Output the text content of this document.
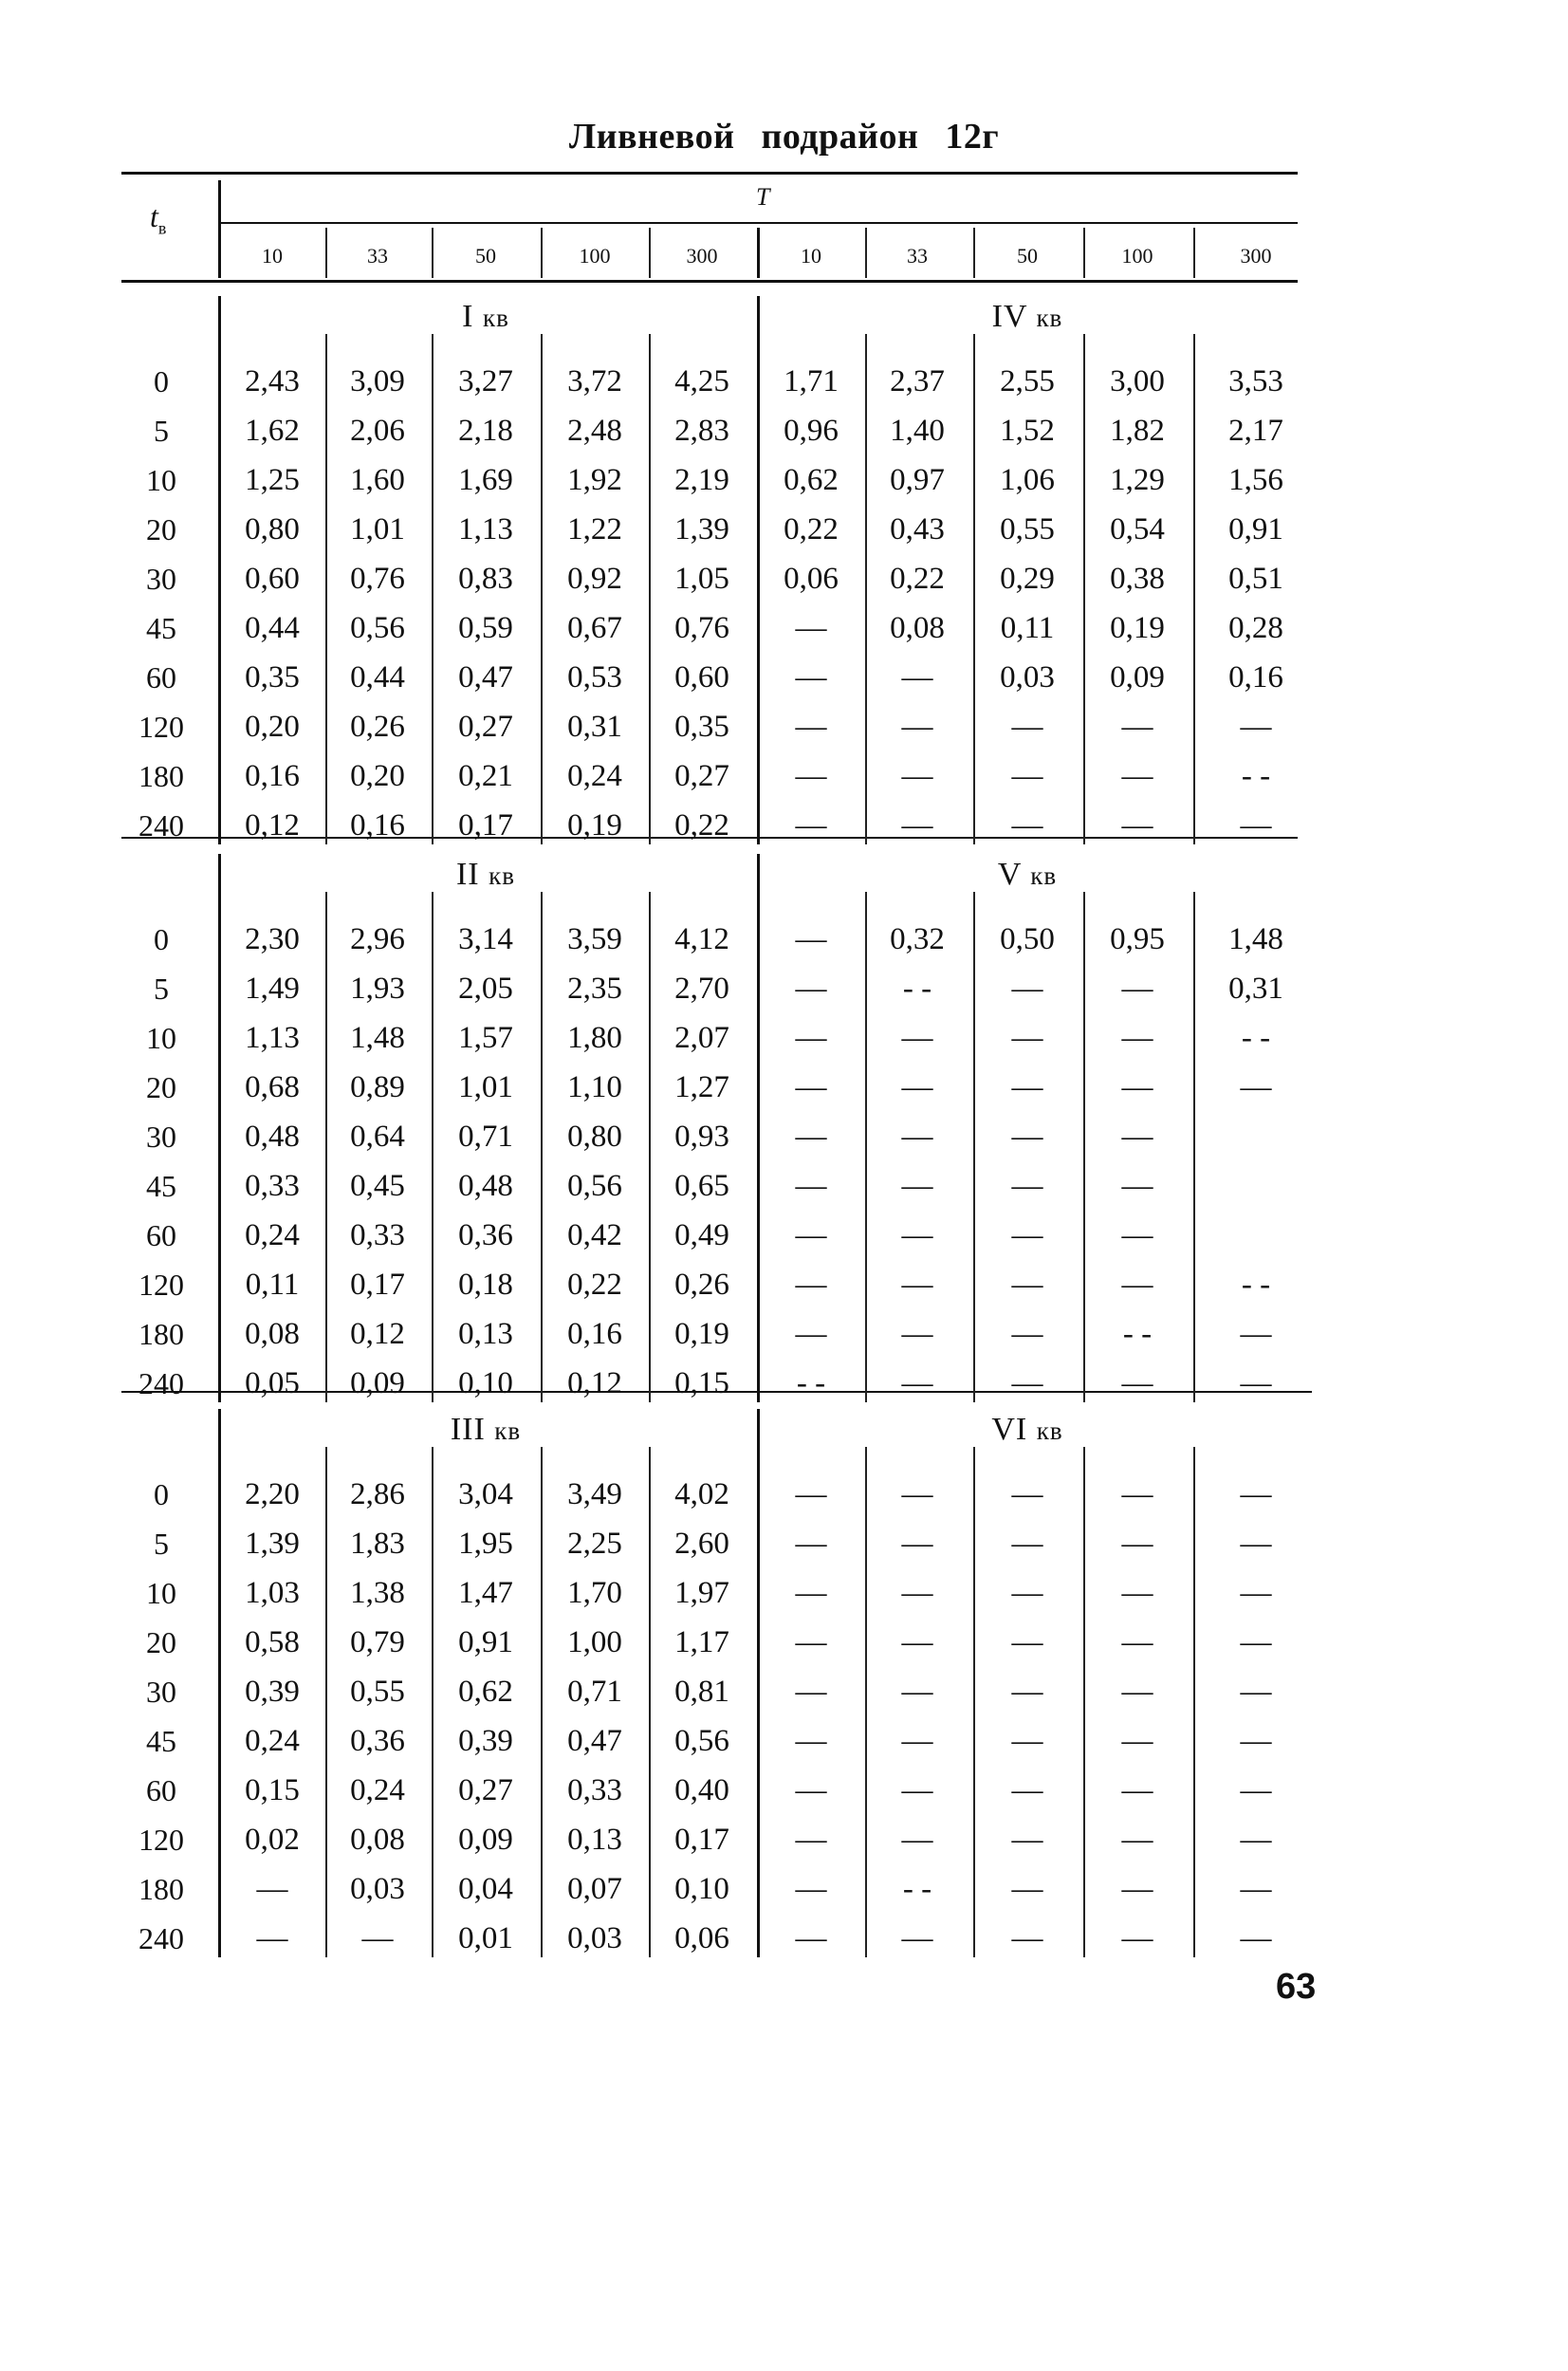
Ливневой подрайон 12г
$t_в$
T
10	33	50	100	300	10	33	50	100	300
I кв	IV кв
0	2,43	3,09	3,27	3,72	4,25	1,71	2,37	2,55	3,00	3,53
5	1,62	2,06	2,18	2,48	2,83	0,96	1,40	1,52	1,82	2,17
10	1,25	1,60	1,69	1,92	2,19	0,62	0,97	1,06	1,29	1,56
20	0,80	1,01	1,13	1,22	1,39	0,22	0,43	0,55	0,54	0,91
30	0,60	0,76	0,83	0,92	1,05	0,06	0,22	0,29	0,38	0,51
45	0,44	0,56	0,59	0,67	0,76	—	0,08	0,11	0,19	0,28
60	0,35	0,44	0,47	0,53	0,60	—	—	0,03	0,09	0,16
120	0,20	0,26	0,27	0,31	0,35	—	—	—	—	—
180	0,16	0,20	0,21	0,24	0,27	—	—	—	—	- -
240	0,12	0,16	0,17	0,19	0,22	—	—	—	—	—
II кв	V кв
0	2,30	2,96	3,14	3,59	4,12	—	0,32	0,50	0,95	1,48
5	1,49	1,93	2,05	2,35	2,70	—	- -	—	—	0,31
10	1,13	1,48	1,57	1,80	2,07	—	—	—	—	- -
20	0,68	0,89	1,01	1,10	1,27	—	—	—	—	—
30	0,48	0,64	0,71	0,80	0,93	—	—	—	—
45	0,33	0,45	0,48	0,56	0,65	—	—	—	—
60	0,24	0,33	0,36	0,42	0,49	—	—	—	—
120	0,11	0,17	0,18	0,22	0,26	—	—	—	—	- -
180	0,08	0,12	0,13	0,16	0,19	—	—	—	- -	—
240	0,05	0,09	0,10	0,12	0,15	- -	—	—	—	—
III кв	VI кв
0	2,20	2,86	3,04	3,49	4,02	—	—	—	—	—
5	1,39	1,83	1,95	2,25	2,60	—	—	—	—	—
10	1,03	1,38	1,47	1,70	1,97	—	—	—	—	—
20	0,58	0,79	0,91	1,00	1,17	—	—	—	—	—
30	0,39	0,55	0,62	0,71	0,81	—	—	—	—	—
45	0,24	0,36	0,39	0,47	0,56	—	—	—	—	—
60	0,15	0,24	0,27	0,33	0,40	—	—	—	—	—
120	0,02	0,08	0,09	0,13	0,17	—	—	—	—	—
180	—	0,03	0,04	0,07	0,10	—	- -	—	—	—
240	—	—	0,01	0,03	0,06	—	—	—	—	—
63
